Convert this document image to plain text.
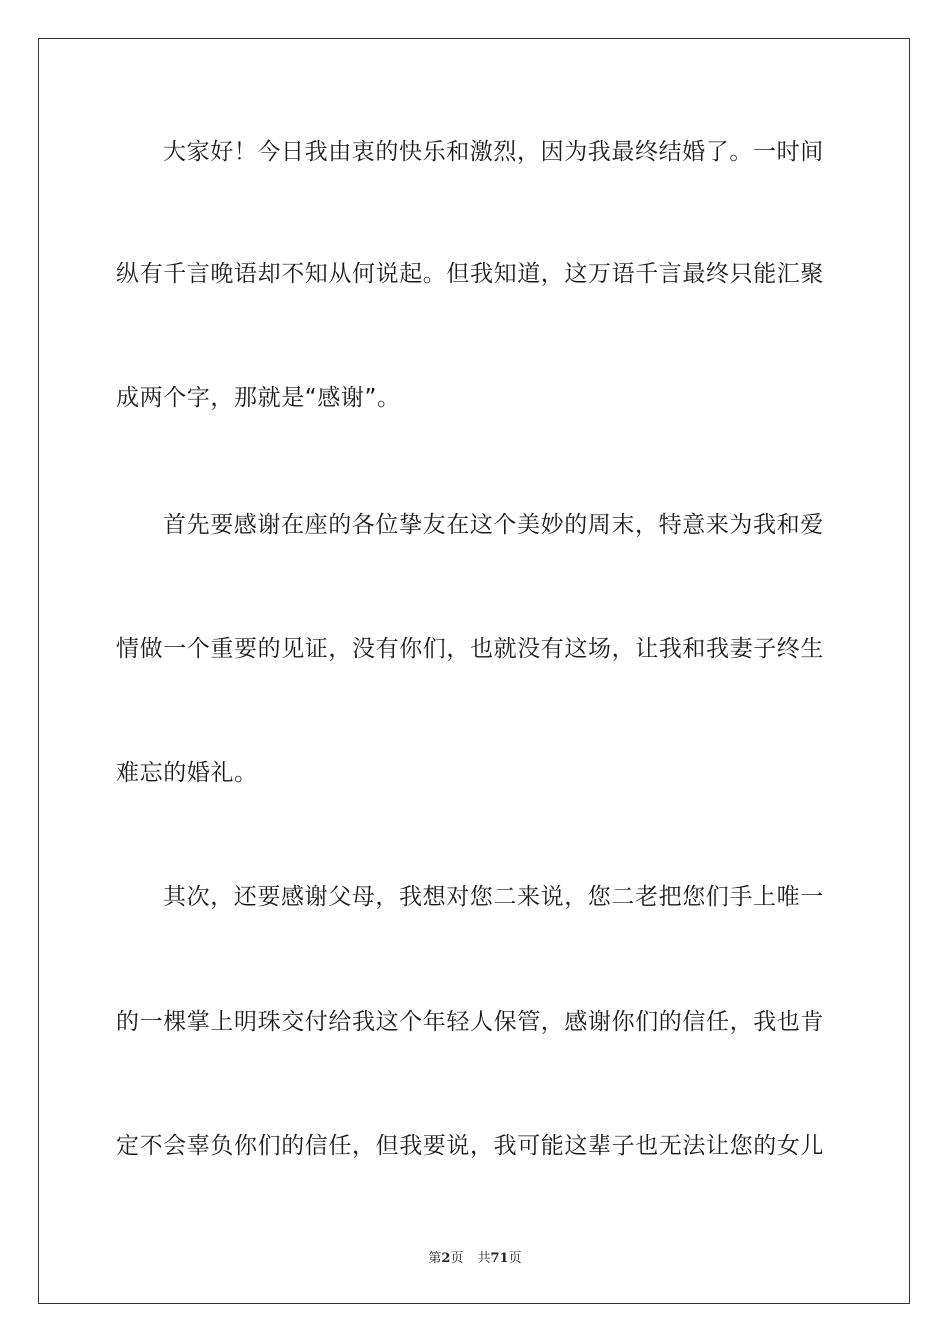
大家好！今日我由衷的快乐和激烈，因为我最终结婚了。一时间
纵有千言晚语却不知从何说起。但我知道，这万语千言最终只能汇聚
成两个字，那就是“感谢”。
首先要感谢在座的各位挚友在这个美妙的周末，特意来为我和爱
情做一个重要的见证，没有你们，也就没有这场，让我和我妻子终生
难忘的婚礼。
其次，还要感谢父母，我想对您二来说，您二老把您们手上唯一
的一棵掌上明珠交付给我这个年轻人保管，感谢你们的信任，我也肯
定不会辜负你们的信任，但我要说，我可能这辈子也无法让您的女儿
第2页 共71页
